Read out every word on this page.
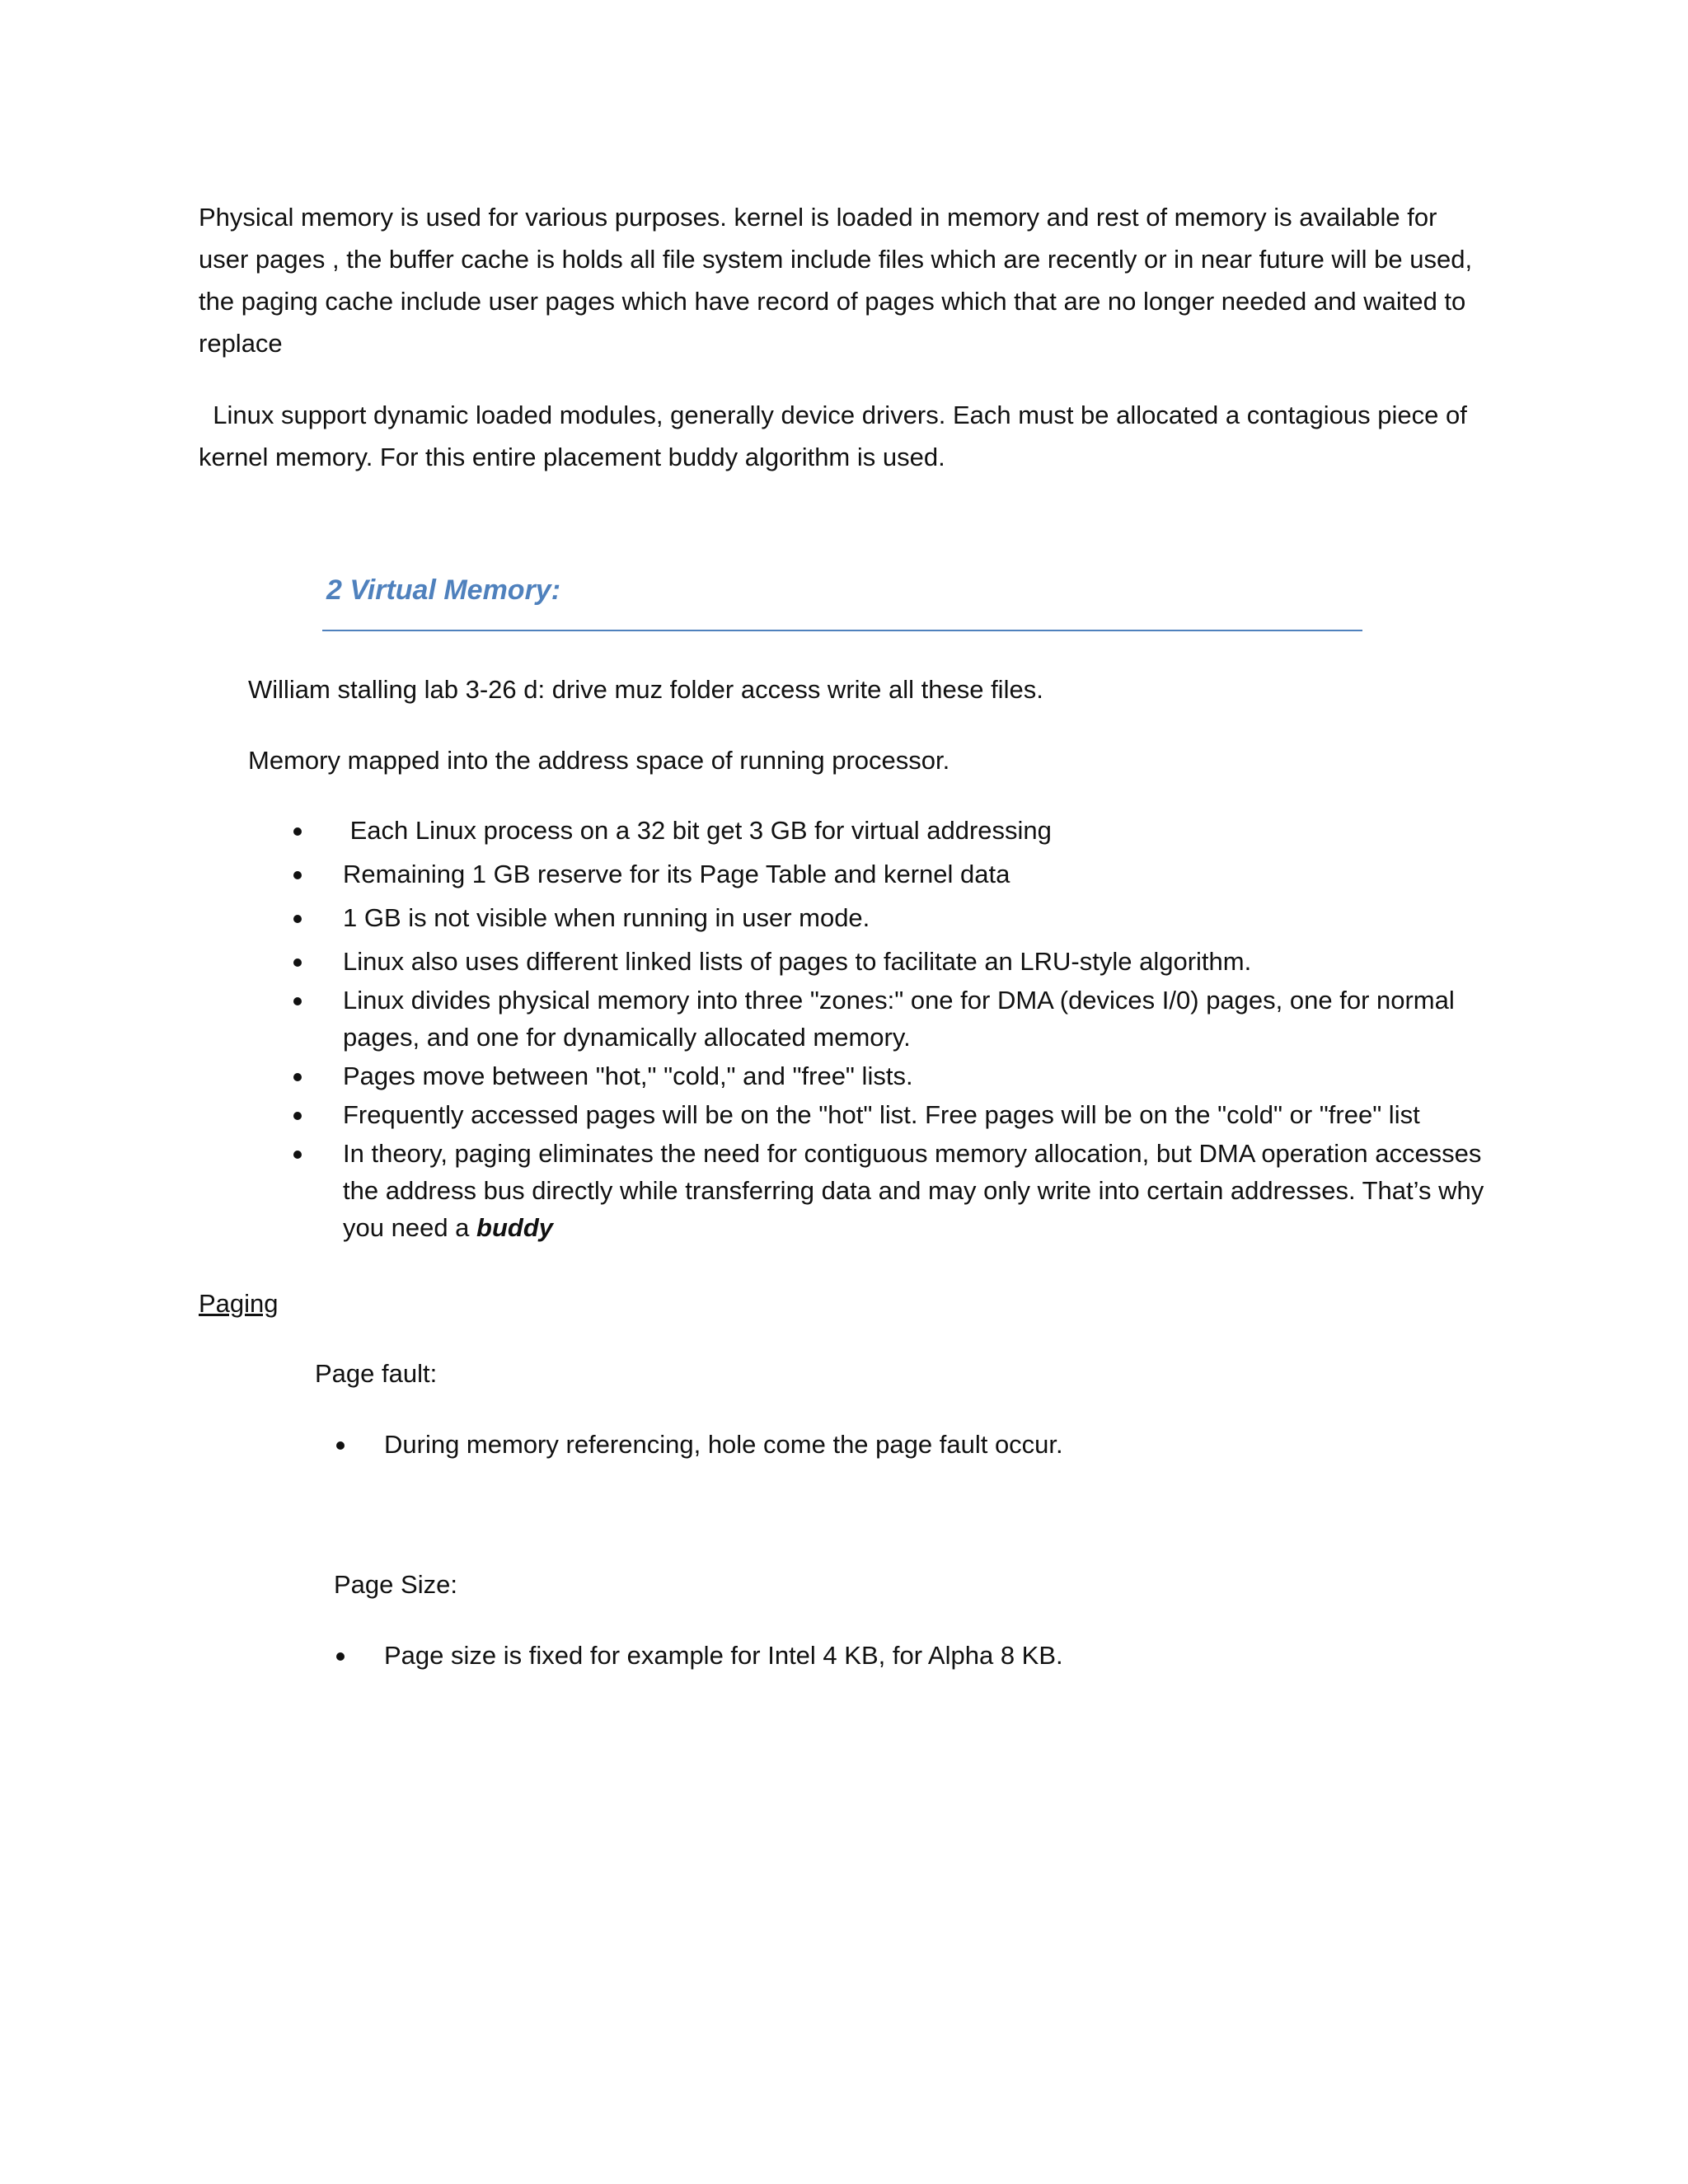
Physical memory is used for various purposes. kernel is loaded in memory and rest of memory is available for user pages , the buffer cache is holds all file system include files which are recently or in near future will be used, the paging cache include user pages which have record of pages which that are no longer needed and waited to replace

Linux support dynamic loaded modules, generally device drivers. Each must be allocated a contagious piece of kernel memory. For this entire placement buddy algorithm is used.

2 Virtual Memory:

William stalling lab 3-26 d: drive muz folder access write all these files.

Memory mapped into the address space of running processor.

Each Linux process on a 32 bit get 3 GB for virtual addressing
Remaining 1 GB reserve for its Page Table and kernel data
1 GB is not visible when running in user mode.
Linux also uses different linked lists of pages to facilitate an LRU-style algorithm.
Linux divides physical memory into three "zones:" one for DMA (devices I/0) pages, one for normal pages, and one for dynamically allocated memory.
Pages move between "hot," "cold," and "free" lists.
Frequently accessed pages will be on the "hot" list. Free pages will be on the "cold" or "free" list
In theory, paging eliminates the need for contiguous memory allocation, but DMA operation accesses the address bus directly while transferring data and may only write into certain addresses. That’s why you need a buddy

Paging

Page fault:

During memory referencing, hole come the page fault occur.

Page Size:

Page size is fixed for example for Intel 4 KB, for Alpha 8 KB.
